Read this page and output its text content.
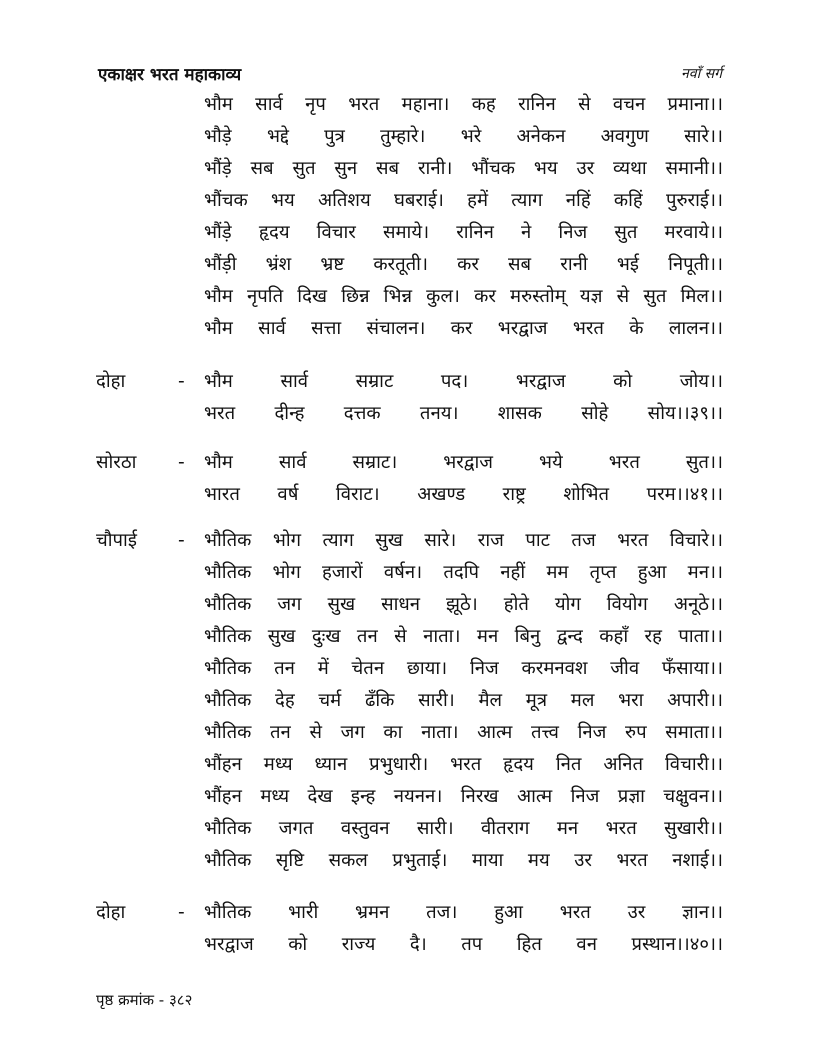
एकाक्षर भरत महाकाव्य	नवाँ सर्ग
भौम सार्व नृप भरत महाना। कह रानिन से वचन प्रमाना।।
भौड़े भद्दे पुत्र तुम्हारे। भरे अनेकन अवगुण सारे।।
भौंड़े सब सुत सुन सब रानी। भौंचक भय उर व्यथा समानी।।
भौंचक भय अतिशय घबराई। हमें त्याग नहिं कहिं पुरुराई।।
भौंड़े हृदय विचार समाये। रानिन ने निज सुत मरवाये।।
भौंड़ी भ्रंश भ्रष्ट करतूती। कर सब रानी भई निपूती।।
भौम नृपति दिख छिन्न भिन्न कुल। कर मरुस्तोम् यज्ञ से सुत मिल।।
भौम सार्व सत्ता संचालन। कर भरद्वाज भरत के लालन।।
दोहा	- भौम सार्व सम्राट पद। भरद्वाज को जोय।।
भरत दीन्ह दत्तक तनय। शासक सोहे सोय।।३९।।
सोरठा - भौम सार्व सम्राट। भरद्वाज भये भरत सुत।।
भारत वर्ष विराट। अखण्ड राष्ट्र शोभित परम।।४१।।
चौपाई - भौतिक भोग त्याग सुख सारे। राज पाट तज भरत विचारे।।
भौतिक भोग हजारों वर्षन। तदपि नहीं मम तृप्त हुआ मन।।
भौतिक जग सुख साधन झूठे। होते योग वियोग अनूठे।।
भौतिक सुख दुःख तन से नाता। मन बिनु द्वन्द कहाँ रह पाता।।
भौतिक तन में चेतन छाया। निज करमनवश जीव फँसाया।।
भौतिक देह चर्म ढँकि सारी। मैल मूत्र मल भरा अपारी।।
भौतिक तन से जग का नाता। आत्म तत्त्व निज रुप समाता।।
भौंहन मध्य ध्यान प्रभुधारी। भरत हृदय नित अनित विचारी।।
भौंहन मध्य देख इन्ह नयनन। निरख आत्म निज प्रज्ञा चक्षुवन।।
भौतिक जगत वस्तुवन सारी। वीतराग मन भरत सुखारी।।
भौतिक सृष्टि सकल प्रभुताई। माया मय उर भरत नशाई।।
दोहा	- भौतिक भारी भ्रमन तज। हुआ भरत उर ज्ञान।।
भरद्वाज को राज्य दै। तप हित वन प्रस्थान।।४०।।
पृष्ठ क्रमांक - ३८२
